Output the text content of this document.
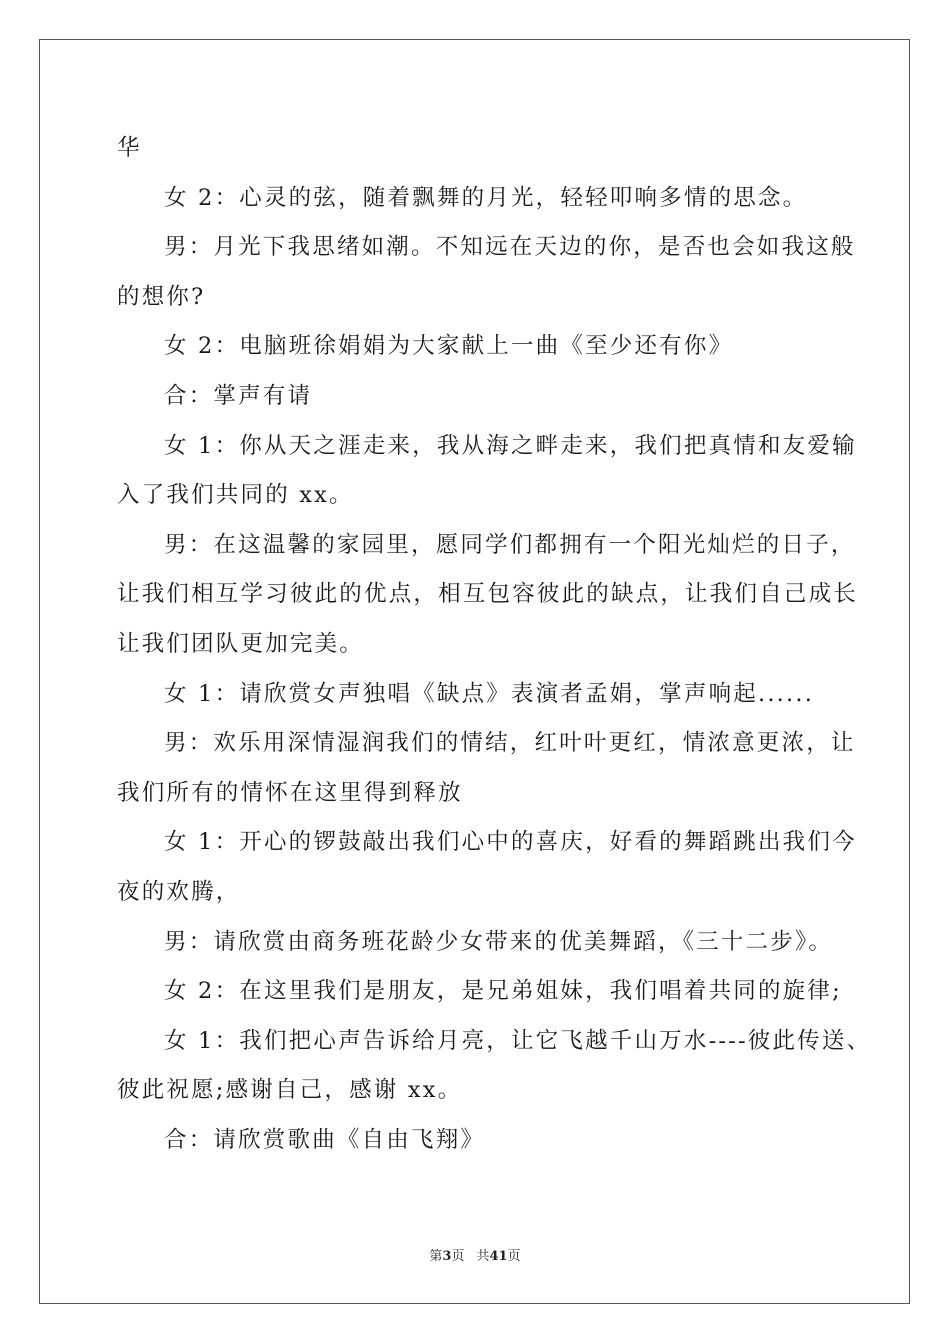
华
女 2：心灵的弦，随着飘舞的月光，轻轻叩响多情的思念。
男：月光下我思绪如潮。不知远在天边的你，是否也会如我这般
的想你?
女 2：电脑班徐娟娟为大家献上一曲《至少还有你》
合：掌声有请
女 1：你从天之涯走来，我从海之畔走来，我们把真情和友爱输
入了我们共同的 xx。
男：在这温馨的家园里，愿同学们都拥有一个阳光灿烂的日子，
让我们相互学习彼此的优点，相互包容彼此的缺点，让我们自己成长
让我们团队更加完美。
女 1：请欣赏女声独唱《缺点》表演者孟娟，掌声响起......
男：欢乐用深情湿润我们的情结，红叶叶更红，情浓意更浓，让
我们所有的情怀在这里得到释放
女 1：开心的锣鼓敲出我们心中的喜庆，好看的舞蹈跳出我们今
夜的欢腾，
男：请欣赏由商务班花龄少女带来的优美舞蹈，《三十二步》。
女 2：在这里我们是朋友，是兄弟姐妹，我们唱着共同的旋律;
女 1：我们把心声告诉给月亮，让它飞越千山万水----彼此传送、
彼此祝愿;感谢自己，感谢 xx。
合：请欣赏歌曲《自由飞翔》
第3页 共41页
